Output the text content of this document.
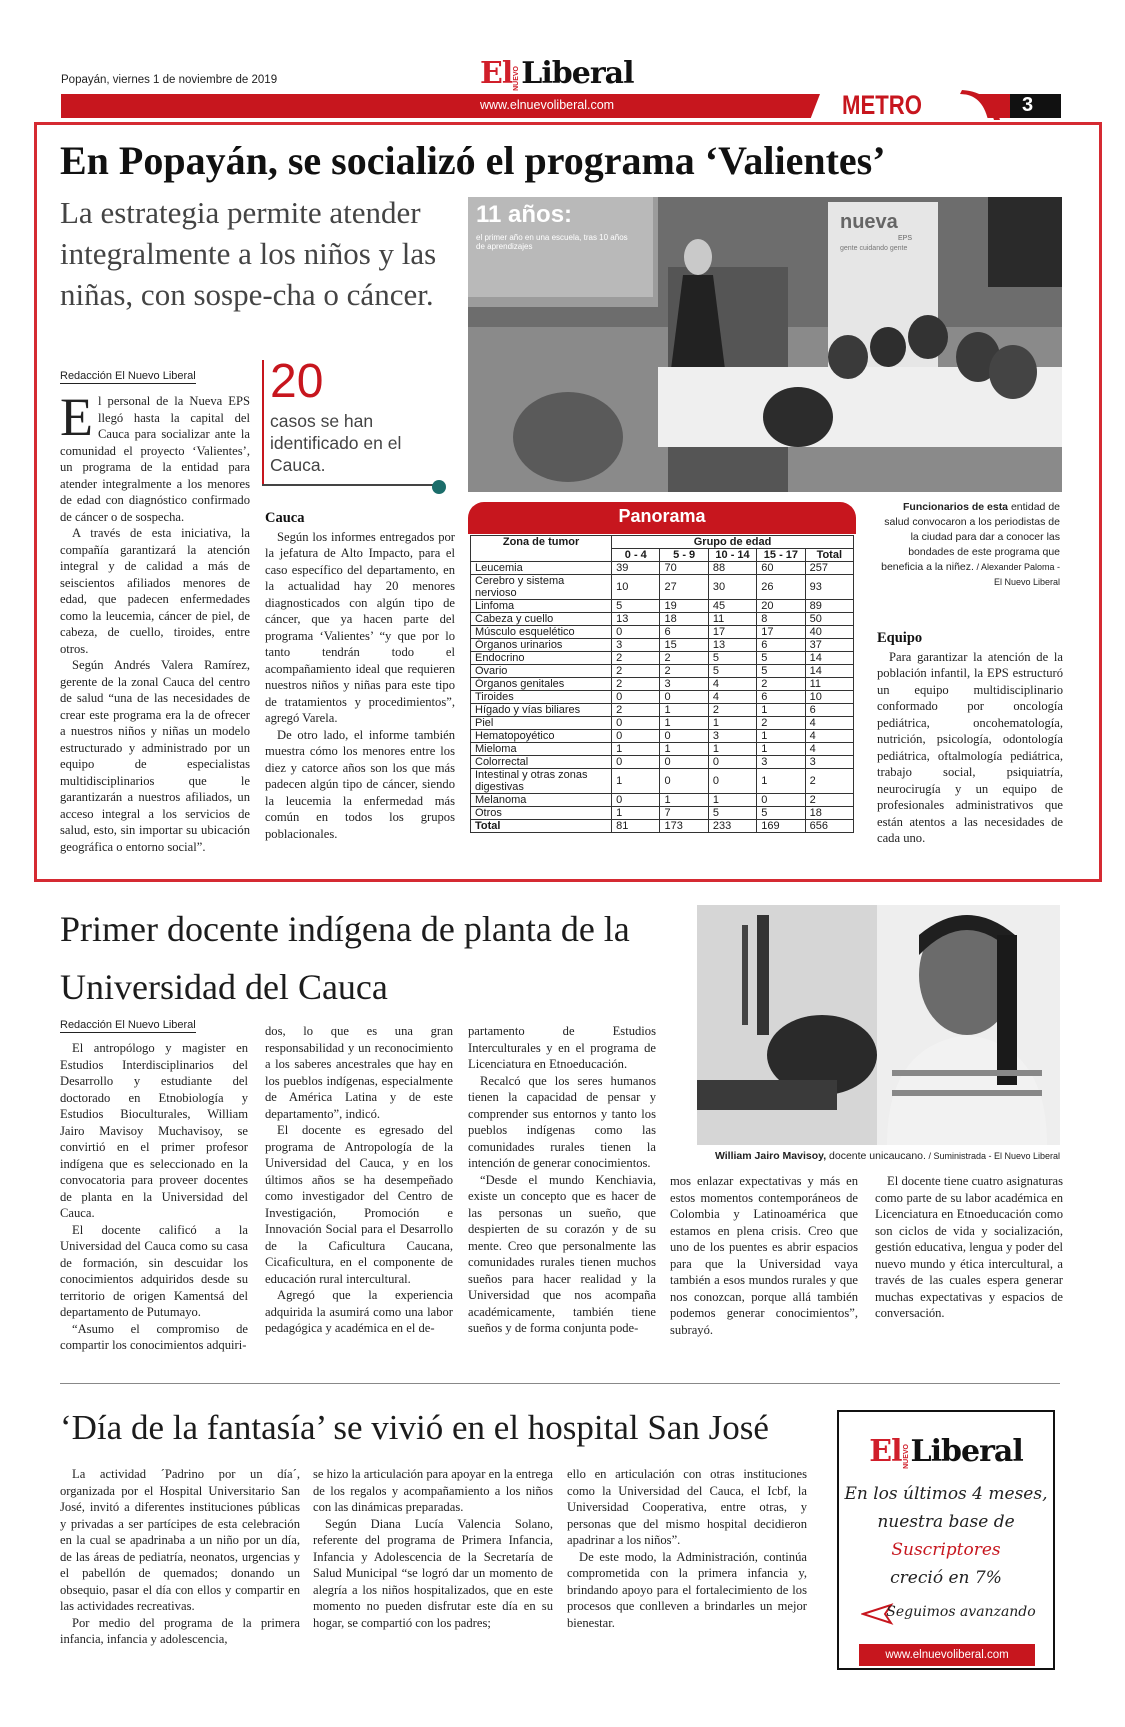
Popayán, viernes 1 de noviembre de 2019	El NUEVO Liberal
www.elnuevoliberal.com	METRO	3
En Popayán, se socializó el programa ‘Valientes’
La estrategia permite atender integralmente a los niños y las niñas, con sospe-cha o cáncer.
Redacción El Nuevo Liberal

El personal de la Nueva EPS llegó hasta la capital del Cauca para socializar ante la comunidad el proyecto ‘Valientes’, un programa de la entidad para atender integralmente a los menores de edad con diagnóstico confirmado de cáncer o de sospecha.

A través de esta iniciativa, la compañía garantizará la atención integral y de calidad a más de seiscientos afiliados menores de edad, que padecen enfermedades como la leucemia, cáncer de piel, de cabeza, de cuello, tiroides, entre otros.

Según Andrés Valera Ramírez, gerente de la zonal Cauca del centro de salud “una de las necesidades de crear este programa era la de ofrecer a nuestros niños y niñas un modelo estructurado y administrado por un equipo de especialistas multidisciplinarios que le garantizarán a nuestros afiliados, un acceso integral a los servicios de salud, esto, sin importar su ubicación geográfica o entorno social”.

20
casos se han identificado en el Cauca.
Cauca

Según los informes entregados por la jefatura de Alto Impacto, para el caso específico del departamento, en la actualidad hay 20 menores diagnosticados con algún tipo de cáncer, que ya hacen parte del programa ‘Valientes’ “y que por lo tanto tendrán todo el acompañamiento ideal que requieren nuestros niños y niñas para este tipo de tratamientos y procedimientos”, agregó Varela.

De otro lado, el informe también muestra cómo los menores entre los diez y catorce años son los que más padecen algún tipo de cáncer, siendo la leucemia la enfermedad más común en todos los grupos poblacionales.

11 años:
el primer año en una escuela, tras 10 años de aprendizajes
nueva
EPS
gente cuidando gente
Funcionarios de esta entidad de salud convocaron a los periodistas de la ciudad para dar a conocer las bondades de este programa que beneficia a la niñez. / Alexander Paloma - El Nuevo Liberal
Panorama
Zona de tumor	Grupo de edad				
	0 - 4	5 - 9	10 - 14	15 - 17	Total
Leucemia	39	70	88	60	257
Cerebro y sistema nervioso	10	27	30	26	93
Linfoma	5	19	45	20	89
Cabeza y cuello	13	18	11	8	50
Músculo esquelético	0	6	17	17	40
Órganos urinarios	3	15	13	6	37
Endocrino	2	2	5	5	14
Ovario	2	2	5	5	14
Órganos genitales	2	3	4	2	11
Tiroides	0	0	4	6	10
Hígado y vías biliares	2	1	2	1	6
Piel	0	1	1	2	4
Hematopoyético	0	0	3	1	4
Mieloma	1	1	1	1	4
Colorrectal	0	0	0	3	3
Intestinal y otras zonas digestivas	1	0	0	1	2
Melanoma	0	1	1	0	2
Otros	1	7	5	5	18
Total	81	173	233	169	656
Equipo

Para garantizar la atención de la población infantil, la EPS estructuró un equipo multidisciplinario conformado por oncología pediátrica, oncohematología, nutrición, psicología, odontología pediátrica, oftalmología pediátrica, trabajo social, psiquiatría, neurocirugía y un equipo de profesionales administrativos que están atentos a las necesidades de cada uno.

Primer docente indígena de planta de la Universidad del Cauca
William Jairo Mavisoy, docente unicaucano. / Suministrada - El Nuevo Liberal
Redacción El Nuevo Liberal

El antropólogo y magister en Estudios Interdisciplinarios del Desarrollo y estudiante del doctorado en Etnobiología y Estudios Bioculturales, William Jairo Mavisoy Muchavisoy, se convirtió en el primer profesor indígena que es seleccionado en la convocatoria para proveer docentes de planta en la Universidad del Cauca.

El docente calificó a la Universidad del Cauca como su casa de formación, sin descuidar los conocimientos adquiridos desde su territorio de origen Kamentsá del departamento de Putumayo.

“Asumo el compromiso de compartir los conocimientos adquiri-

dos, lo que es una gran responsabilidad y un reconocimiento a los saberes ancestrales que hay en los pueblos indígenas, especialmente de América Latina y de este departamento”, indicó.

El docente es egresado del programa de Antropología de la Universidad del Cauca, y en los últimos años se ha desempeñado como investigador del Centro de Investigación, Promoción e Innovación Social para el Desarrollo de la Caficultura Caucana, Cicaficultura, en el componente de educación rural intercultural.

Agregó que la experiencia adquirida la asumirá como una labor pedagógica y académica en el de-

partamento de Estudios Interculturales y en el programa de Licenciatura en Etnoeducación.

Recalcó que los seres humanos tienen la capacidad de pensar y comprender sus entornos y tanto los pueblos indígenas como las comunidades rurales tienen la intención de generar conocimientos.

“Desde el mundo Kenchiavia, existe un concepto que es hacer de las personas un sueño, que despierten de su corazón y de su mente. Creo que personalmente las comunidades rurales tienen muchos sueños para hacer realidad y la Universidad que nos acompaña académicamente, también tiene sueños y de forma conjunta pode-

mos enlazar expectativas y más en estos momentos contemporáneos de Colombia y Latinoamérica que estamos en plena crisis. Creo que uno de los puentes es abrir espacios para que la Universidad vaya también a esos mundos rurales y que nos conozcan, porque allá también podemos generar conocimientos”, subrayó.

El docente tiene cuatro asignaturas como parte de su labor académica en Licenciatura en Etnoeducación como son ciclos de vida y socialización, gestión educativa, lengua y poder del nuevo mundo y ética intercultural, a través de las cuales espera generar muchas expectativas y espacios de conversación.

‘Día de la fantasía’ se vivió en el hospital San José

La actividad ´Padrino por un día´, organizada por el Hospital Universitario San José, invitó a diferentes instituciones públicas y privadas a ser partícipes de esta celebración en la cual se apadrinaba a un niño por un día, de las áreas de pediatría, neonatos, urgencias y el pabellón de quemados; donando un obsequio, pasar el día con ellos y compartir en las actividades recreativas.

Por medio del programa de la primera infancia, infancia y adolescencia,

se hizo la articulación para apoyar en la entrega de los regalos y acompañamiento a los niños con las dinámicas preparadas.

Según Diana Lucía Valencia Solano, referente del programa de Primera Infancia, Infancia y Adolescencia de la Secretaría de Salud Municipal “se logró dar un momento de alegría a los niños hospitalizados, que en este momento no pueden disfrutar este día en su hogar, se compartió con los padres;

ello en articulación con otras instituciones como la Universidad del Cauca, el Icbf, la Universidad Cooperativa, entre otras, y personas que del mismo hospital decidieron apadrinar a los niños”.

De este modo, la Administración, continúa comprometida con la primera infancia y, brindando apoyo para el fortalecimiento de los procesos que conlleven a brindarles un mejor bienestar.

El NUEVO Liberal
En los últimos 4 meses,
nuestra base de
Suscriptores
creció en 7%
Seguimos avanzando
www.elnuevoliberal.com
